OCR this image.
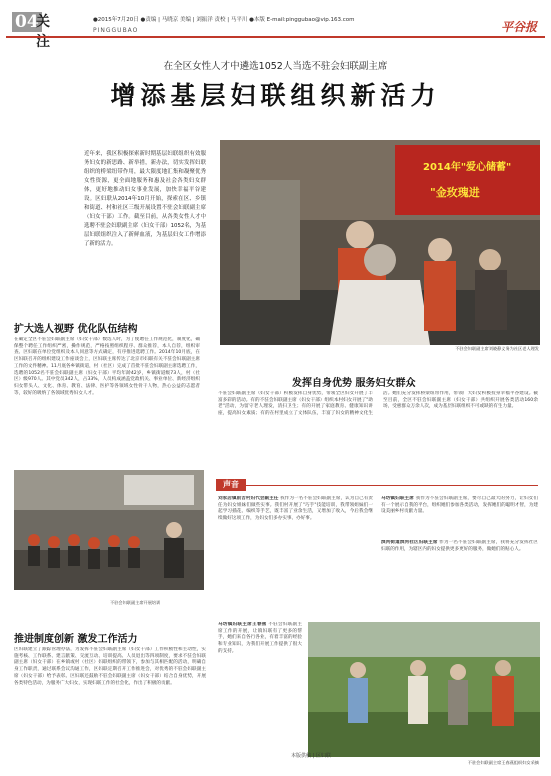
04
关注
●2015年7月20日 ●责编 | 马晓京 美编 | 刘振洋 责校 | 马平川 ●本版 E-mail:pinggubao@vip.163.com
PINGGUBAO	平谷报
在全区女性人才中遴选1052人当选不驻会妇联副主席
增添基层妇联组织新活力
近年来，我区积极探索新时期基层妇联组织有效服务妇女的新思路、新举措，新办法，切实发挥妇联组织的桥梁纽带作用，最大限度地汇集和凝聚优秀女性资源，更全面地服务和惠及社会各类妇女群体，更好地推动妇女事业发展，加快幸福平谷建设。区妇联从2014年10月开始，探索在区、乡镇和街道、村和社区三级开展设置不驻会妇联副主席（妇女干部）工作。截至目前，从各类女性人才中选聘不驻会妇联副主席（妇女干部）1052名，为基层妇联组织注入了新鲜血液，为基层妇女工作增添了新的活力。
2014年"爱心储蓄"
"金玫瑰进
不驻会妇联副主席刘晓静义务为社区老人理发
扩大选人视野 优化队伍结构
在确定全区不驻会妇联副主席（妇女干部）数选人时，为了使聘任工作规范化，制度化，确保整个聘任工作组织严密，操作规范，严格按照组织程序、群众推荐，本人自荐，组织审查、区妇联在单位党组织及本人同意等方式确定，有序推进选聘工作。2014年10月底，在区妇联召开的组织建设工作座谈会上，区妇联主席传达了北京市妇联有关不驻会妇联副主席工作的文件精神。11月底各乡镇街道，村（社区）完成了首批不驻会妇联副主席选聘工作，选聘的1052名不驻会妇联副主席（妇女干部）平均年龄42岁，乡镇街道级73人，村（社区）级970人。其中党员342人，占33%，人员构成涵盖党政机关、事业单位、新经济组织妇女带头人、文化、体育、教育、法律、医护等各领域女性骨干人物，热心公益的志愿者等，较好的吸纳了各领域优秀妇女人才。
发挥自身优势 服务妇女群众
不驻会妇联副主席（妇女干部）积极发挥自身优势，带领全区妇女开展了丰富多彩的活动。有的不驻会妇联副主席（妇女干部）组织本村妇女开展了"助老"活动，为留守老人理发，清扫卫生；有的开展了家庭教育、健康知识讲座，提高妇女素质；有的在村里成立了文体队伍，丰富了妇女的精神文化生活。她们充分发挥桥梁纽带作用，带领广大妇女积极投身幸福平谷建设。截至目前，全区不驻会妇联副主席（妇女干部）共组织开展各类活动160余场，受惠群众万余人次，成为基层妇联组织不可或缺的有生力量。
不驻会妇联副主席开展培训
声音
刘家店镇前吉村妇代会副主任 我作为一名不驻会妇联副主席，认为自己有责任为妇女姐妹们做些实事。我们村开展了"巧手"技能培训，我带领姐妹们一起学习插花、编织等手艺，既丰富了业余生活，又增加了收入，今后我会继续做好这项工作，为妇女们多办实事、办好事。
马坊镇妇联主席 我作为不驻会妇联副主席，要尽自己最大的努力，让妇女们有一个展示自我的平台，组织她们参加各类活动，发挥她们的聪明才智，为建设美丽乡村贡献力量。
滨河街道滨河社区妇联主席 作为一名不驻会妇联副主席，我将充分发挥社区妇联的作用，为辖区内的妇女提供更多更好的服务，做她们的贴心人。
马坊镇妇联主席王春燕 不驻会妇联副主席工作的开展，让镇妇联有了更多的帮手，她们来自各行各业，有着丰富的经验和专业知识，为我们开展工作提供了很大的支持。
推进制度创新 激发工作活力
区妇联建立了跟踪管理办法，为发挥不驻会妇联副主席（妇女干部）工作积极性和主动性，实施考核、工作联系、建言献策、交流互动、培训提高、人员退出等四项制度，要求不驻会妇联副主席（妇女干部）在乡镇或村（社区）妇联组织的带领下，参加与其相匹配的活动，明确自身工作职责，通过联系会议沟通工作，区妇联定期召开工作推进会，对优秀的不驻会妇联副主席（妇女干部）给予表彰。区妇联还鼓励不驻会妇联副主席（妇女干部）结合自身优势，开展各类特色活动，为服务广大妇女，实现妇联工作的社会化，作出了积极的贡献。
不驻会妇联副主席王春燕组织妇女采摘
本版供稿 | 区妇联
